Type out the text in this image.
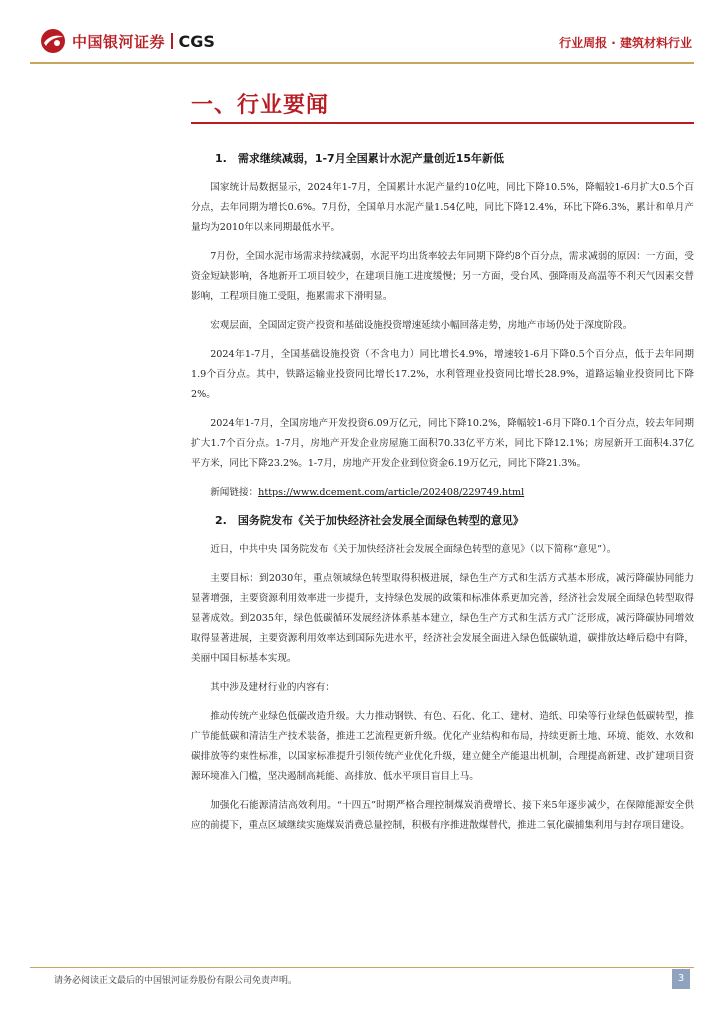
中国银河证券 CGS	行业周报 · 建筑材料行业
一、行业要闻
1.　需求继续减弱，1-7月全国累计水泥产量创近15年新低

国家统计局数据显示，2024年1-7月，全国累计水泥产量约10亿吨，同比下降10.5%，降幅较1-6月扩大0.5个百分点，去年同期为增长0.6%。7月份，全国单月水泥产量1.54亿吨，同比下降12.4%，环比下降6.3%，累计和单月产量均为2010年以来同期最低水平。

7月份，全国水泥市场需求持续减弱，水泥平均出货率较去年同期下降约8个百分点，需求减弱的原因：一方面，受资金短缺影响，各地新开工项目较少，在建项目施工进度缓慢；另一方面，受台风、强降雨及高温等不利天气因素交替影响，工程项目施工受阻，拖累需求下滑明显。

宏观层面，全国固定资产投资和基础设施投资增速延续小幅回落走势，房地产市场仍处于深度阶段。

2024年1-7月，全国基础设施投资（不含电力）同比增长4.9%，增速较1-6月下降0.5个百分点，低于去年同期1.9个百分点。其中，铁路运输业投资同比增长17.2%，水利管理业投资同比增长28.9%，道路运输业投资同比下降2%。

2024年1-7月，全国房地产开发投资6.09万亿元，同比下降10.2%，降幅较1-6月下降0.1个百分点，较去年同期扩大1.7个百分点。1-7月，房地产开发企业房屋施工面积70.33亿平方米，同比下降12.1%；房屋新开工面积4.37亿平方米，同比下降23.2%。1-7月，房地产开发企业到位资金6.19万亿元，同比下降21.3%。

新闻链接：https://www.dcement.com/article/202408/229749.html

2.　国务院发布《关于加快经济社会发展全面绿色转型的意见》

近日，中共中央 国务院发布《关于加快经济社会发展全面绿色转型的意见》（以下简称“意见”）。

主要目标：到2030年，重点领域绿色转型取得积极进展，绿色生产方式和生活方式基本形成，减污降碳协同能力显著增强，主要资源利用效率进一步提升，支持绿色发展的政策和标准体系更加完善，经济社会发展全面绿色转型取得显著成效。到2035年，绿色低碳循环发展经济体系基本建立，绿色生产方式和生活方式广泛形成，减污降碳协同增效取得显著进展，主要资源利用效率达到国际先进水平，经济社会发展全面进入绿色低碳轨道，碳排放达峰后稳中有降，美丽中国目标基本实现。

其中涉及建材行业的内容有：

推动传统产业绿色低碳改造升级。大力推动钢铁、有色、石化、化工、建材、造纸、印染等行业绿色低碳转型，推广节能低碳和清洁生产技术装备，推进工艺流程更新升级。优化产业结构和布局，持续更新土地、环境、能效、水效和碳排放等约束性标准，以国家标准提升引领传统产业优化升级，建立健全产能退出机制，合理提高新建、改扩建项目资源环境准入门槛，坚决遏制高耗能、高排放、低水平项目盲目上马。

加强化石能源清洁高效利用。“十四五”时期严格合理控制煤炭消费增长、接下来5年逐步减少，在保障能源安全供应的前提下，重点区域继续实施煤炭消费总量控制，积极有序推进散煤替代，推进二氧化碳捕集利用与封存项目建设。

请务必阅读正文最后的中国银河证券股份有限公司免责声明。	3
